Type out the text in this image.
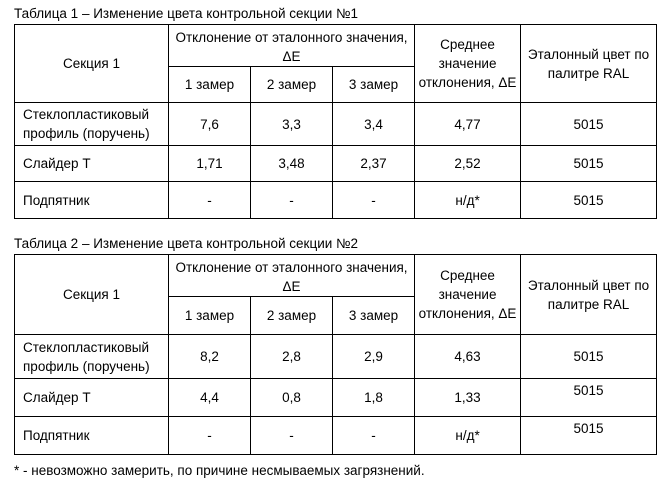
Таблица 1 – Изменение цвета контрольной секции №1
Секция 1	Отклонение от эталонного значения, ΔE			Среднее значение отклонения, ΔE	Эталонный цвет по палитре RAL
	1 замер	2 замер	3 замер		
Стеклопластиковый профиль (поручень)	7,6	3,3	3,4	4,77	5015
Слайдер Т	1,71	3,48	2,37	2,52	5015
Подпятник	-	-	-	н/д*	5015
Таблица 2 – Изменение цвета контрольной секции №2
Секция 1	Отклонение от эталонного значения, ΔE			Среднее значение отклонения, ΔE	Эталонный цвет по палитре RAL
	1 замер	2 замер	3 замер		
Стеклопластиковый профиль (поручень)	8,2	2,8	2,9	4,63	5015
Слайдер Т	4,4	0,8	1,8	1,33	5015
Подпятник	-	-	-	н/д*	5015
* - невозможно замерить, по причине несмываемых загрязнений.
